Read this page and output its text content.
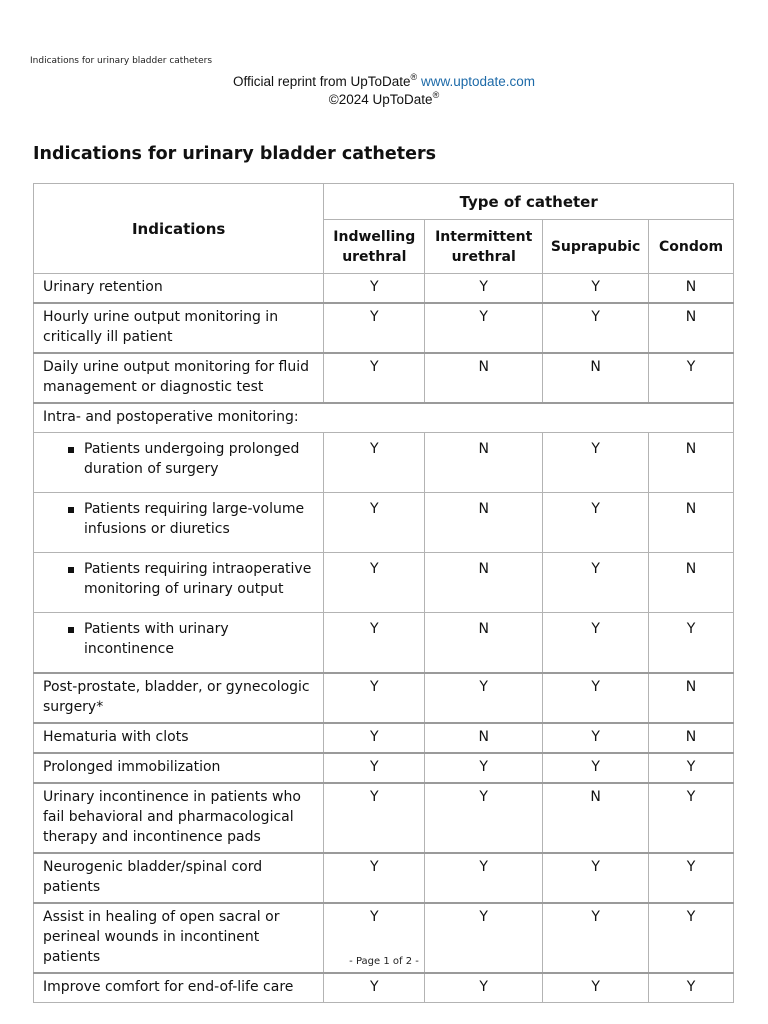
Indications for urinary bladder catheters
Official reprint from UpToDate® www.uptodate.com
©2024 UpToDate®
Indications for urinary bladder catheters
Indications	Type of catheter			
	Indwelling urethral	Intermittent urethral	Suprapubic	Condom
Urinary retention	Y	Y	Y	N
Hourly urine output monitoring in critically ill patient	Y	Y	Y	N
Daily urine output monitoring for fluid management or diagnostic test	Y	N	N	Y
Intra- and postoperative monitoring:				
Patients undergoing prolonged duration of surgery	Y	N	Y	N
Patients requiring large-volume infusions or diuretics	Y	N	Y	N
Patients requiring intraoperative monitoring of urinary output	Y	N	Y	N
Patients with urinary incontinence	Y	N	Y	Y
Post-prostate, bladder, or gynecologic surgery*	Y	Y	Y	N
Hematuria with clots	Y	N	Y	N
Prolonged immobilization	Y	Y	Y	Y
Urinary incontinence in patients who fail behavioral and pharmacological therapy and incontinence pads	Y	Y	N	Y
Neurogenic bladder/spinal cord patients	Y	Y	Y	Y
Assist in healing of open sacral or perineal wounds in incontinent patients	Y	Y	Y	Y
Improve comfort for end-of-life care	Y	Y	Y	Y
- Page 1 of 2 -
